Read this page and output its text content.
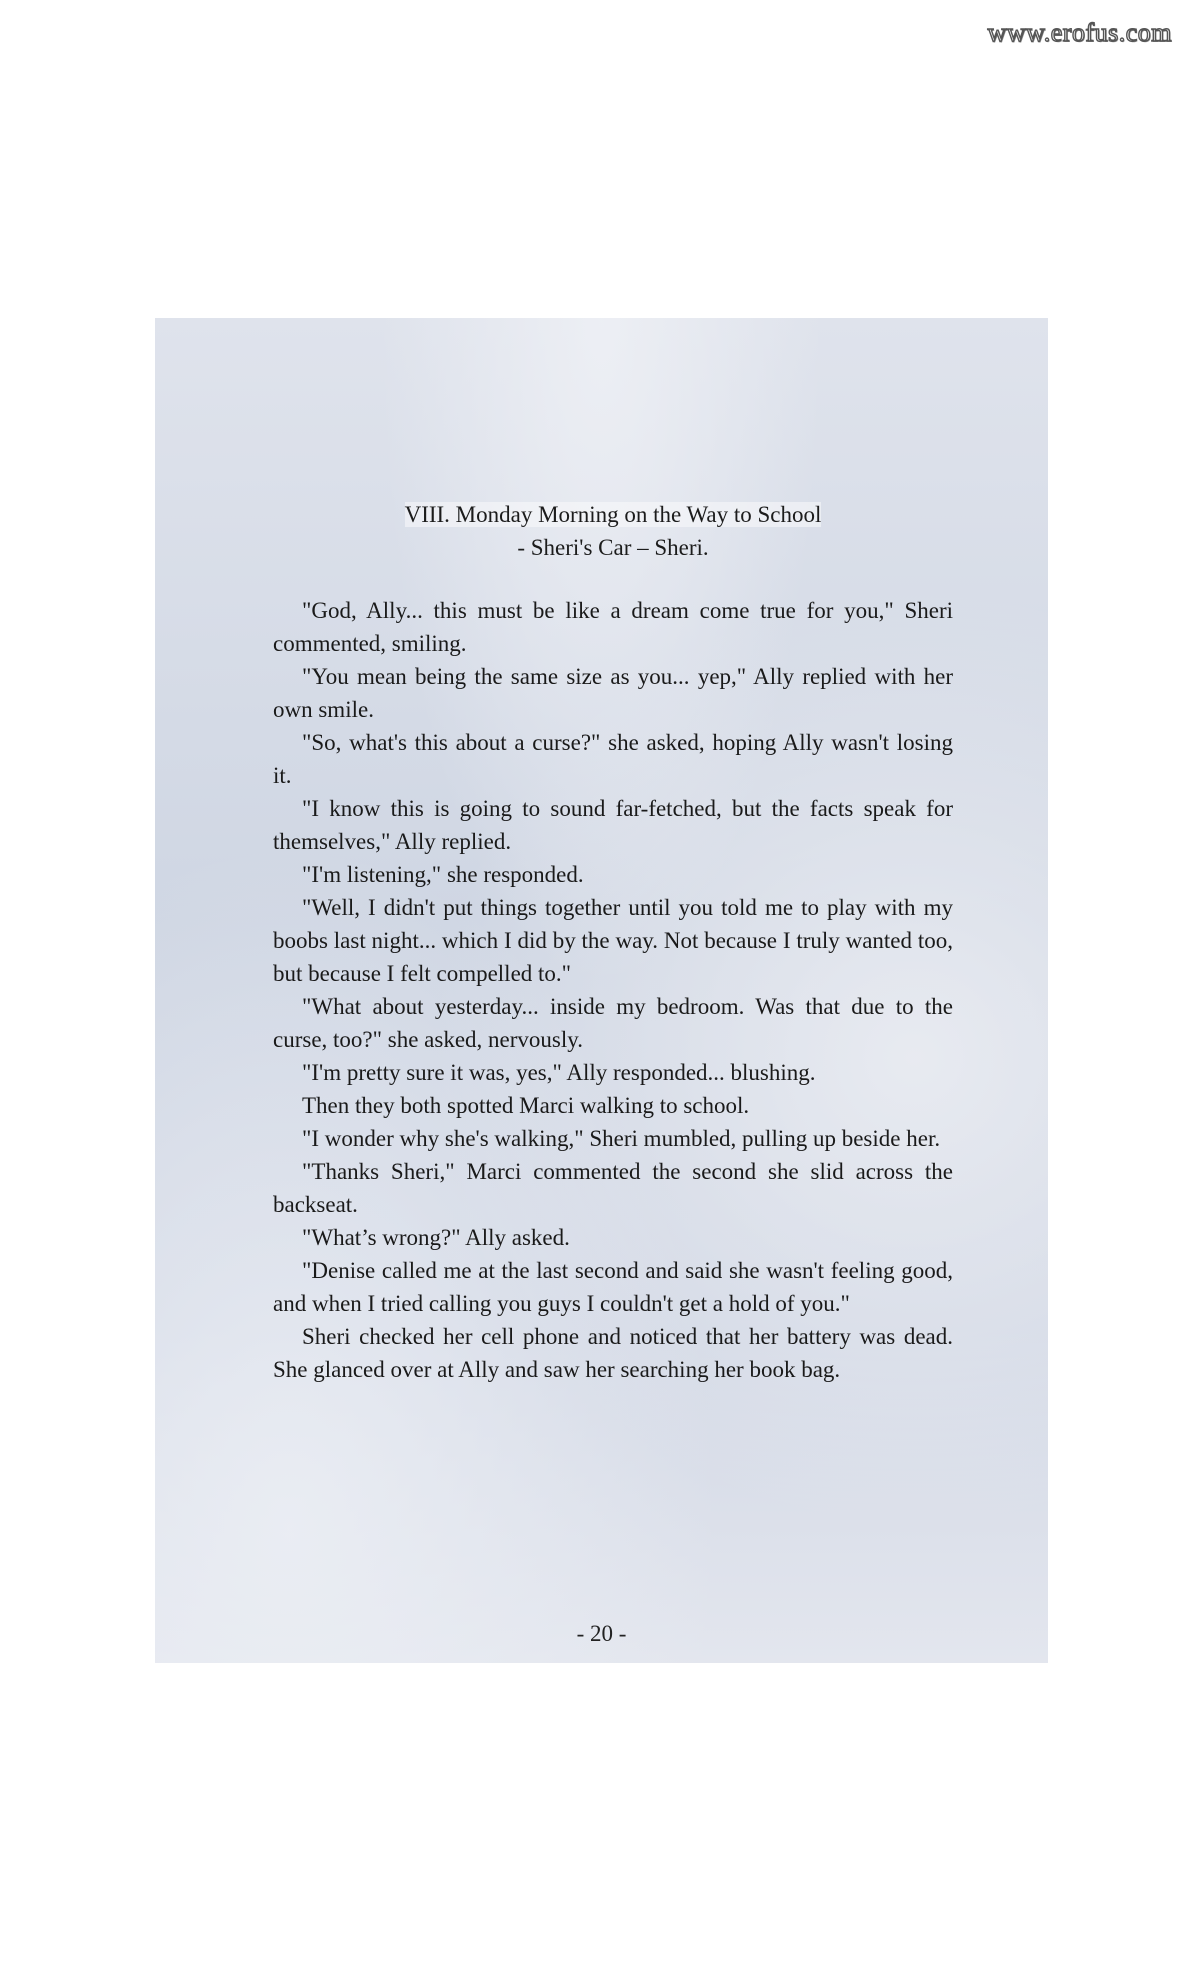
www.erofus.com
VIII. Monday Morning on the Way to School
- Sheri's Car – Sheri.

"God, Ally... this must be like a dream come true for you," Sheri commented, smiling.

"You mean being the same size as you... yep," Ally replied with her own smile.

"So, what's this about a curse?" she asked, hoping Ally wasn't losing it.

"I know this is going to sound far-fetched, but the facts speak for themselves," Ally replied.

"I'm listening," she responded.

"Well, I didn't put things together until you told me to play with my boobs last night... which I did by the way. Not because I truly wanted too, but because I felt compelled to."

"What about yesterday... inside my bedroom. Was that due to the curse, too?" she asked, nervously.

"I'm pretty sure it was, yes," Ally responded... blushing.

Then they both spotted Marci walking to school.

"I wonder why she's walking," Sheri mumbled, pulling up beside her.

"Thanks Sheri," Marci commented the second she slid across the backseat.

"What’s wrong?" Ally asked.

"Denise called me at the last second and said she wasn't feeling good, and when I tried calling you guys I couldn't get a hold of you."

Sheri checked her cell phone and noticed that her battery was dead. She glanced over at Ally and saw her searching her book bag.

- 20 -
